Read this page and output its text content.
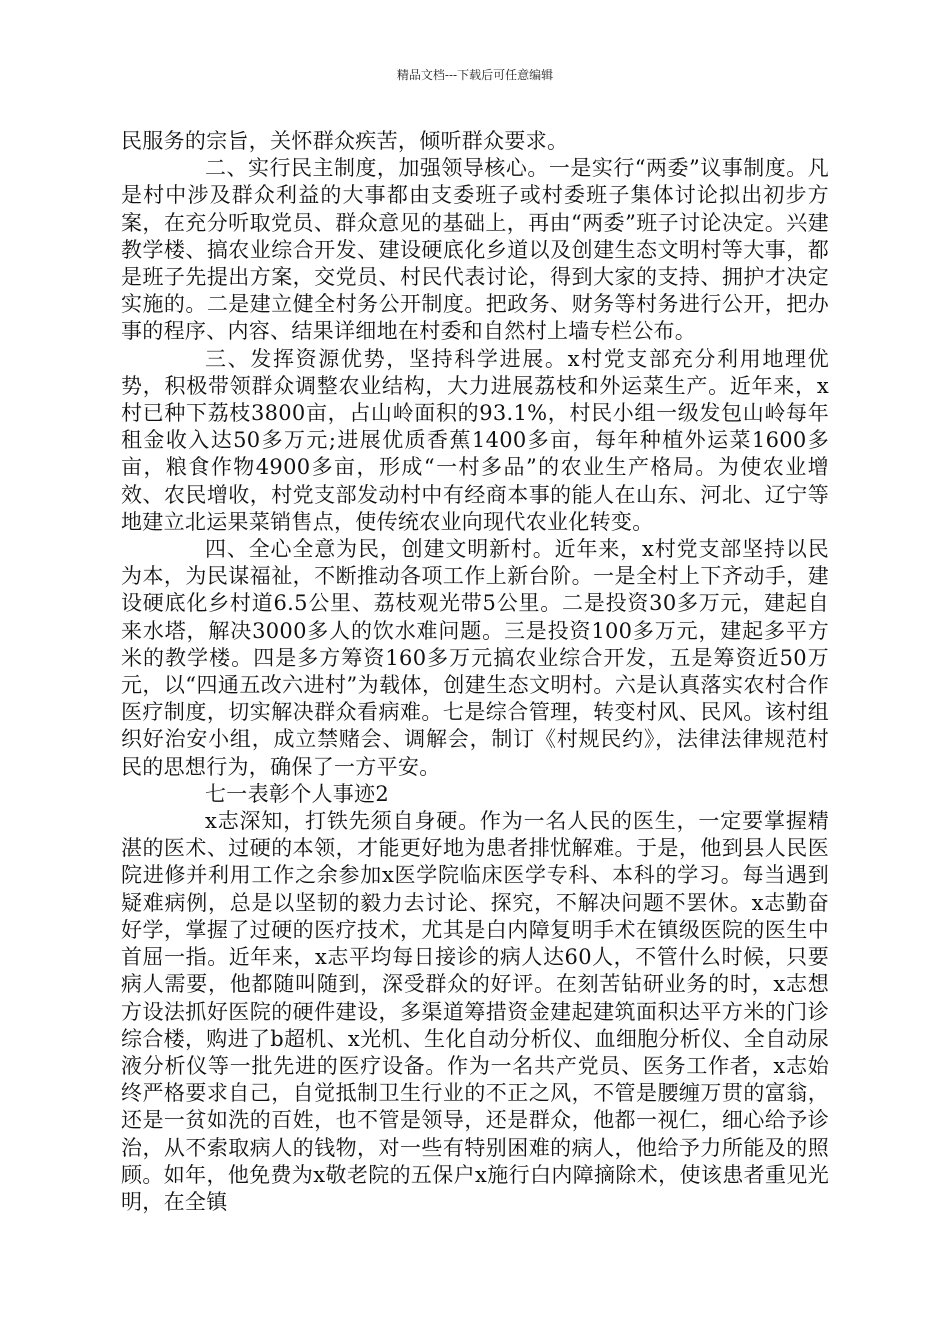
精品文档---下载后可任意编辑

民服务的宗旨，关怀群众疾苦，倾听群众要求。

二、实行民主制度，加强领导核心。一是实行“两委”议事制度。凡是村中涉及群众利益的大事都由支委班子或村委班子集体讨论拟出初步方案，在充分听取党员、群众意见的基础上，再由“两委”班子讨论决定。兴建教学楼、搞农业综合开发、建设硬底化乡道以及创建生态文明村等大事，都是班子先提出方案，交党员、村民代表讨论，得到大家的支持、拥护才决定实施的。二是建立健全村务公开制度。把政务、财务等村务进行公开，把办事的程序、内容、结果详细地在村委和自然村上墙专栏公布。

三、发挥资源优势，坚持科学进展。x村党支部充分利用地理优势，积极带领群众调整农业结构，大力进展荔枝和外运菜生产。近年来，x村已种下荔枝3800亩，占山岭面积的93.1%，村民小组一级发包山岭每年租金收入达50多万元;进展优质香蕉1400多亩，每年种植外运菜1600多亩，粮食作物4900多亩，形成“一村多品”的农业生产格局。为使农业增效、农民增收，村党支部发动村中有经商本事的能人在山东、河北、辽宁等地建立北运果菜销售点，使传统农业向现代农业化转变。

四、全心全意为民，创建文明新村。近年来，x村党支部坚持以民为本，为民谋福祉，不断推动各项工作上新台阶。一是全村上下齐动手，建设硬底化乡村道6.5公里、荔枝观光带5公里。二是投资30多万元，建起自来水塔，解决3000多人的饮水难问题。三是投资100多万元，建起多平方米的教学楼。四是多方筹资160多万元搞农业综合开发，五是筹资近50万元，以“四通五改六进村”为载体，创建生态文明村。六是认真落实农村合作医疗制度，切实解决群众看病难。七是综合管理，转变村风、民风。该村组织好治安小组，成立禁赌会、调解会，制订《村规民约》，法律法律规范村民的思想行为，确保了一方平安。

七一表彰个人事迹2

x志深知，打铁先须自身硬。作为一名人民的医生，一定要掌握精湛的医术、过硬的本领，才能更好地为患者排忧解难。于是，他到县人民医院进修并利用工作之余参加x医学院临床医学专科、本科的学习。每当遇到疑难病例，总是以坚韧的毅力去讨论、探究，不解决问题不罢休。x志勤奋好学，掌握了过硬的医疗技术，尤其是白内障复明手术在镇级医院的医生中首屈一指。近年来，x志平均每日接诊的病人达60人，不管什么时候，只要病人需要，他都随叫随到，深受群众的好评。在刻苦钻研业务的时，x志想方设法抓好医院的硬件建设，多渠道筹措资金建起建筑面积达平方米的门诊综合楼，购进了b超机、x光机、生化自动分析仪、血细胞分析仪、全自动尿液分析仪等一批先进的医疗设备。作为一名共产党员、医务工作者，x志始终严格要求自己，自觉抵制卫生行业的不正之风，不管是腰缠万贯的富翁，还是一贫如洗的百姓，也不管是领导，还是群众，他都一视仁，细心给予诊治，从不索取病人的钱物，对一些有特别困难的病人，他给予力所能及的照顾。如年，他免费为x敬老院的五保户x施行白内障摘除术，使该患者重见光明，在全镇
